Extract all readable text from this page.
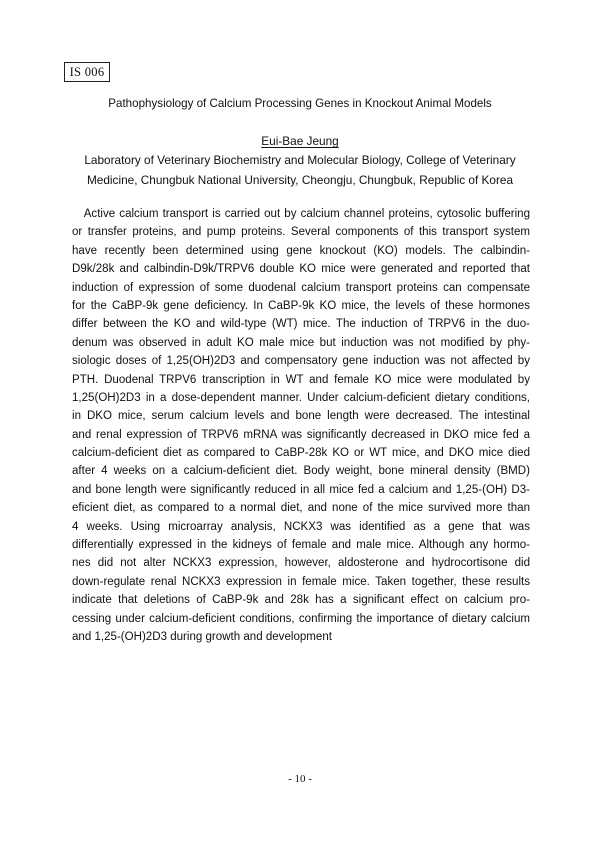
IS 006
Pathophysiology of Calcium Processing Genes in Knockout Animal Models
Eui-Bae Jeung
Laboratory of Veterinary Biochemistry and Molecular Biology, College of Veterinary
Medicine, Chungbuk National University, Cheongju, Chungbuk, Republic of Korea
Active calcium transport is carried out by calcium channel proteins, cytosolic buffering
or transfer proteins, and pump proteins. Several components of this transport system
have recently been determined using gene knockout (KO) models. The calbindin-
D9k/28k and calbindin-D9k/TRPV6 double KO mice were generated and reported that
induction of expression of some duodenal calcium transport proteins can compensate
for the CaBP-9k gene deficiency. In CaBP-9k KO mice, the levels of these hormones
differ between the KO and wild-type (WT) mice. The induction of TRPV6 in the duo-
denum was observed in adult KO male mice but induction was not modified by phy-
siologic doses of 1,25(OH)2D3 and compensatory gene induction was not affected by
PTH. Duodenal TRPV6 transcription in WT and female KO mice were modulated by
1,25(OH)2D3 in a dose-dependent manner. Under calcium-deficient dietary conditions,
in DKO mice, serum calcium levels and bone length were decreased. The intestinal
and renal expression of TRPV6 mRNA was significantly decreased in DKO mice fed a
calcium-deficient diet as compared to CaBP-28k KO or WT mice, and DKO mice died
after 4 weeks on a calcium-deficient diet. Body weight, bone mineral density (BMD)
and bone length were significantly reduced in all mice fed a calcium and 1,25-(OH) D3-
eficient diet, as compared to a normal diet, and none of the mice survived more than
4 weeks. Using microarray analysis, NCKX3 was identified as a gene that was
differentially expressed in the kidneys of female and male mice. Although any hormo-
nes did not alter NCKX3 expression, however, aldosterone and hydrocortisone did
down-regulate renal NCKX3 expression in female mice. Taken together, these results
indicate that deletions of CaBP-9k and 28k has a significant effect on calcium pro-
cessing under calcium-deficient conditions, confirming the importance of dietary calcium
and 1,25-(OH)2D3 during growth and development
- 10 -
